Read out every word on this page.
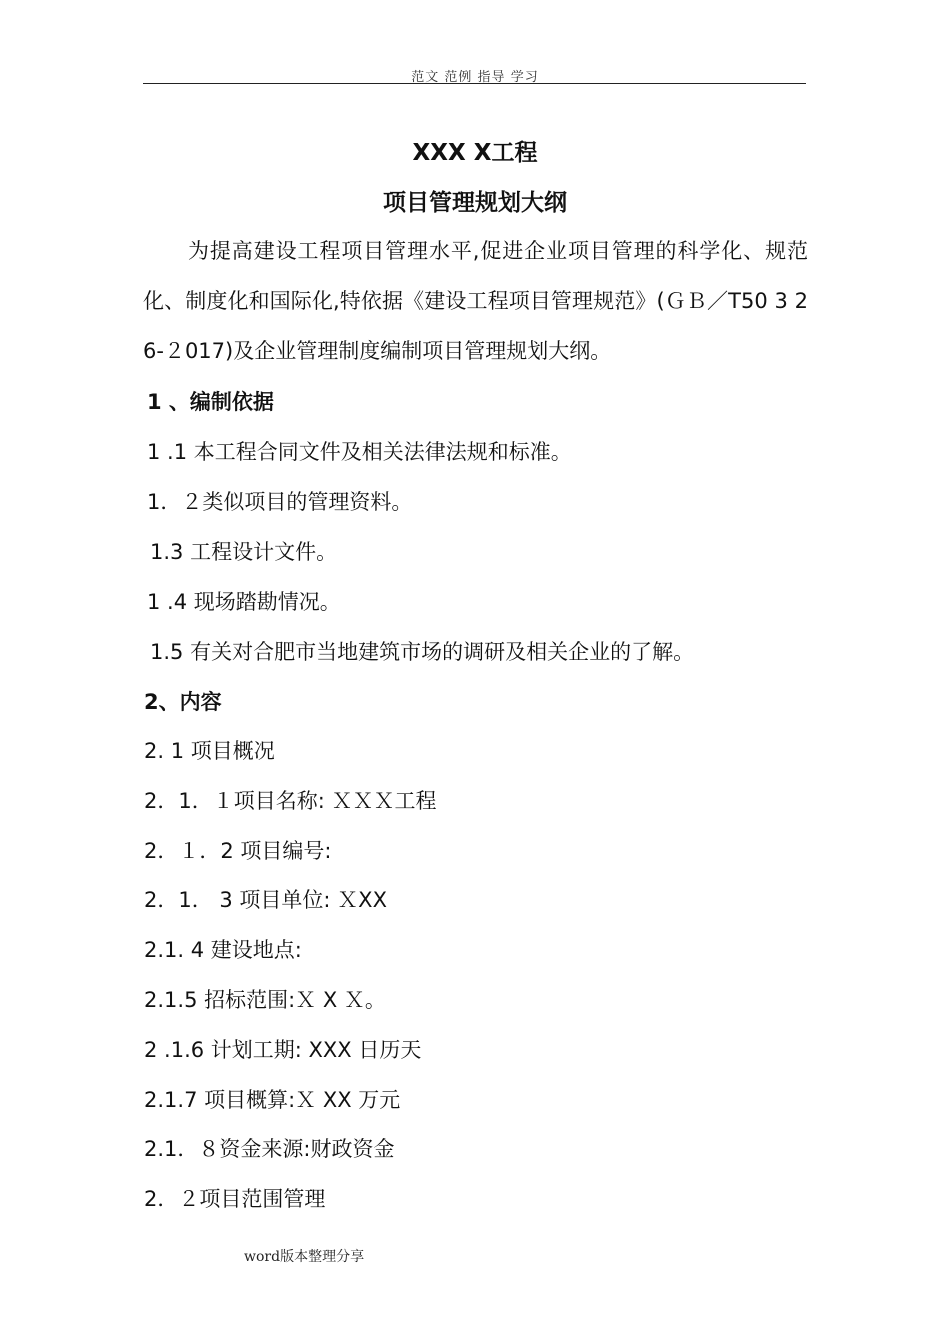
范文 范例 指导 学习
XXX X工程
项目管理规划大纲
为提高建设工程项目管理水平,促进企业项目管理的科学化、规范化、制度化和国际化,特依据《建设工程项目管理规范》(ＧＢ／T50 3 26-２017)及企业管理制度编制项目管理规划大纲。
1 、编制依据
1 .1 本工程合同文件及相关法律法规和标准。
1．２类似项目的管理资料。
1.3 工程设计文件。
1 .4 现场踏勘情况。
1.5 有关对合肥市当地建筑市场的调研及相关企业的了解。
2、内容
2. 1 项目概况
2．1．１项目名称: ＸＸＸ工程
2．１．2 项目编号:
2．1． 3 项目单位: ＸXX
2.1. 4 建设地点:
2.1.5 招标范围:Ｘ X Ｘ。
2 .1.6 计划工期: XXX 日历天
2.1.7 项目概算:Ｘ XX 万元
2.1．８资金来源:财政资金
2．２项目范围管理
word版本整理分享
